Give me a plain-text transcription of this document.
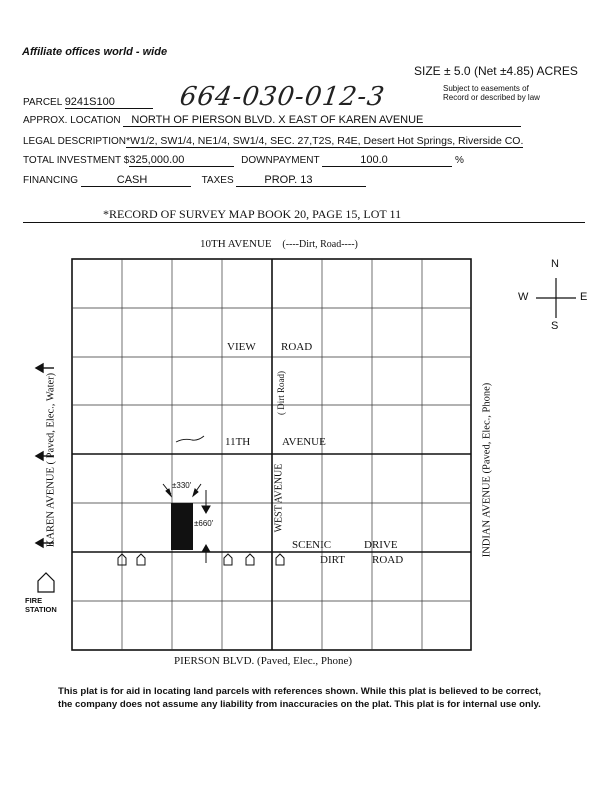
Affiliate offices world - wide
SIZE ± 5.0 (Net ±4.85) ACRES
Subject to easements of
Record or described by law
664-030-012-3
PARCEL 9241S100
APPROX. LOCATION NORTH OF PIERSON BLVD. X EAST OF KAREN AVENUE
LEGAL DESCRIPTION*W1/2, SW1/4, NE1/4, SW1/4, SEC. 27,T2S, R4E, Desert Hot Springs, Riverside CO.
TOTAL INVESTMENT $325,000.00	DOWNPAYMENT	100.0	%
FINANCING	CASH	TAXES	PROP. 13
*RECORD OF SURVEY MAP BOOK 20, PAGE 15, LOT 11
10TH AVENUE (----Dirt, Road----)
PIERSON BLVD. (Paved, Elec., Phone)
KAREN AVENUE ( Paved, Elec., Water)	INDIAN AVENUE (Paved, Elec., Phone)
WEST AVENUE
( Dirt Road)
VIEW ROAD
11TH	AVENUE
SCENIC	DRIVE
DIRT ROAD
±330'
±660'
FIRE
STATION
N
S
E
W
This plat is for aid in locating land parcels with references shown. While this plat is believed to be correct,
the company does not assume any liability from inaccuracies on the plat. This plat is for internal use only.
